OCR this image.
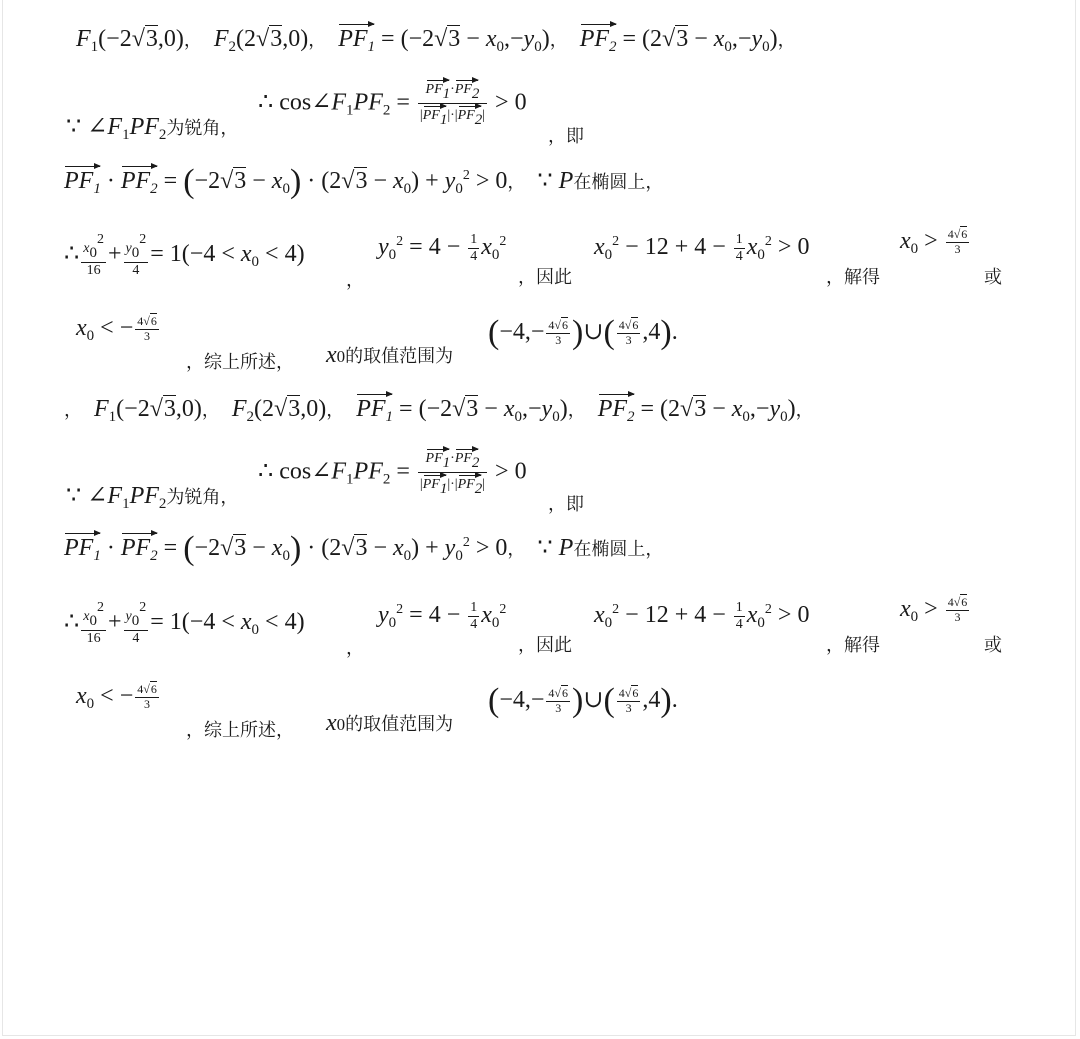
$F_1(-2√3,0)$， $F_2(2√3,0)$， $PF_1 = (-2√3 - x_0,-y_0)$， $PF_2 = (2√3 - x_0,-y_0)$，
∵ $\angle F_1PF_2$为锐角，
∴ $\cos\angle F_1PF_2 = \frac{PF1\cdot PF2}{|PF1|\cdot|PF2|} > 0$
，即
$PF_1 \cdot PF_2 = (-2√3 - x_0) \cdot (2√3 - x_0) + y_0^2 > 0$，  ∵ P在椭圆上，
∴ $\frac{x02}{16} + \frac{y02}{4} = 1(-4 < x_0 < 4)$	$y_0^2 = 4 - \frac{1}{4} x_0^2$	$x_0^2 - 12 + 4 - \frac{1}{4} x_0^2 > 0$	$x_0 > \frac{4√6}{3}$
，	，因此	，解得	或
$x_0$ < − $\frac{4√6}{3}$
，综上所述， x0的取值范围为
($-4,- \frac{4√6}{3}$ )∪( $\frac{4√6}{3} ,4$).
， $F_1(-2√3,0)$， $F_2(2√3,0)$， $PF_1 = (-2√3 - x_0,-y_0)$， $PF_2 = (2√3 - x_0,-y_0)$，
∵ $\angle F_1PF_2$为锐角，
∴ $\cos\angle F_1PF_2 = \frac{PF1\cdot PF2}{|PF1|\cdot|PF2|} > 0$
，即
$PF_1 \cdot PF_2 = (-2√3 - x_0) \cdot (2√3 - x_0) + y_0^2 > 0$，  ∵ P在椭圆上，
∴ $\frac{x02}{16} + \frac{y02}{4} = 1(-4 < x_0 < 4)$	$y_0^2 = 4 - \frac{1}{4} x_0^2$	$x_0^2 - 12 + 4 - \frac{1}{4} x_0^2 > 0$	$x_0 > \frac{4√6}{3}$
，	，因此	，解得	或
$x_0$ < − $\frac{4√6}{3}$
，综上所述， x0的取值范围为
($-4,- \frac{4√6}{3}$ )∪( $\frac{4√6}{3} ,4$).
